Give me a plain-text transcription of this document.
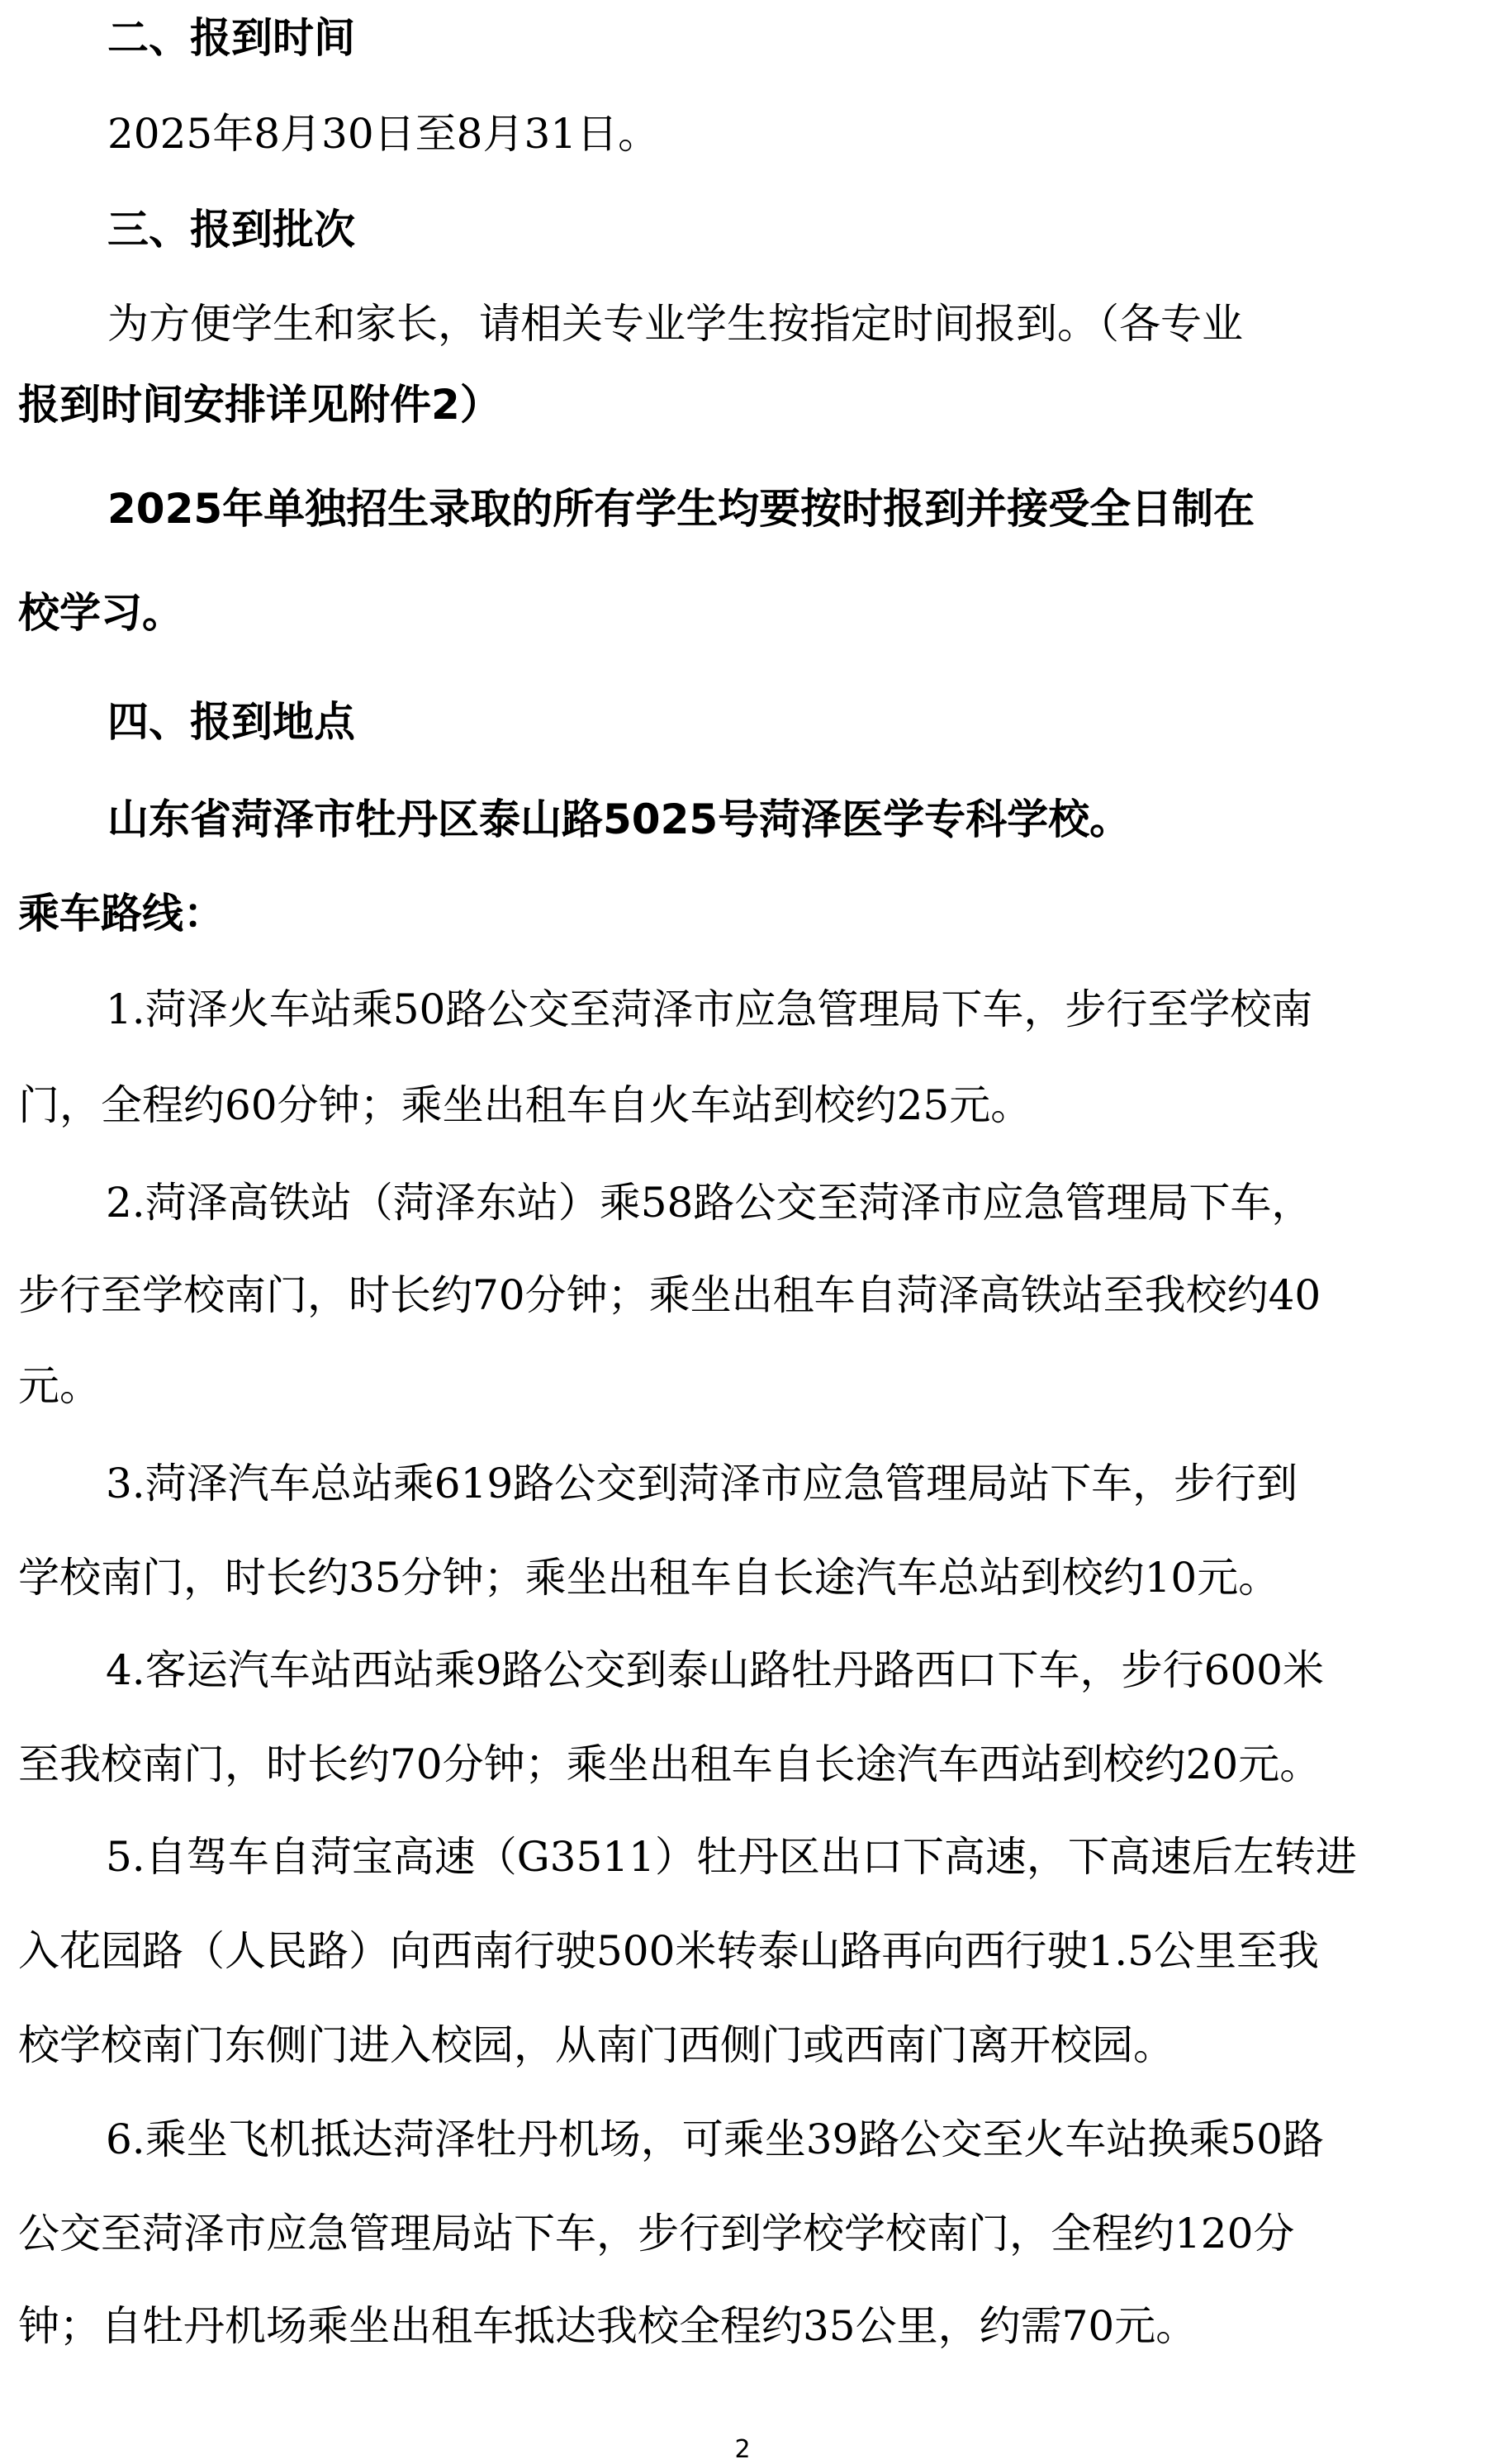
二、报到时间

2025年8月30日至8月31日。

三、报到批次

为方便学生和家长，请相关专业学生按指定时间报到。（各专业

报到时间安排详见附件2）

2025年单独招生录取的所有学生均要按时报到并接受全日制在

校学习。

四、报到地点

山东省菏泽市牡丹区泰山路5025号菏泽医学专科学校。

乘车路线：

1.菏泽火车站乘50路公交至菏泽市应急管理局下车，步行至学校南

门，全程约60分钟；乘坐出租车自火车站到校约25元。

2.菏泽高铁站（菏泽东站）乘58路公交至菏泽市应急管理局下车，

步行至学校南门，时长约70分钟；乘坐出租车自菏泽高铁站至我校约40

元。

3.菏泽汽车总站乘619路公交到菏泽市应急管理局站下车，步行到

学校南门，时长约35分钟；乘坐出租车自长途汽车总站到校约10元。

4.客运汽车站西站乘9路公交到泰山路牡丹路西口下车，步行600米

至我校南门，时长约70分钟；乘坐出租车自长途汽车西站到校约20元。

5.自驾车自菏宝高速（G3511）牡丹区出口下高速，下高速后左转进

入花园路（人民路）向西南行驶500米转泰山路再向西行驶1.5公里至我

校学校南门东侧门进入校园，从南门西侧门或西南门离开校园。

6.乘坐飞机抵达菏泽牡丹机场，可乘坐39路公交至火车站换乘50路

公交至菏泽市应急管理局站下车，步行到学校学校南门，全程约120分

钟；自牡丹机场乘坐出租车抵达我校全程约35公里，约需70元。

2
